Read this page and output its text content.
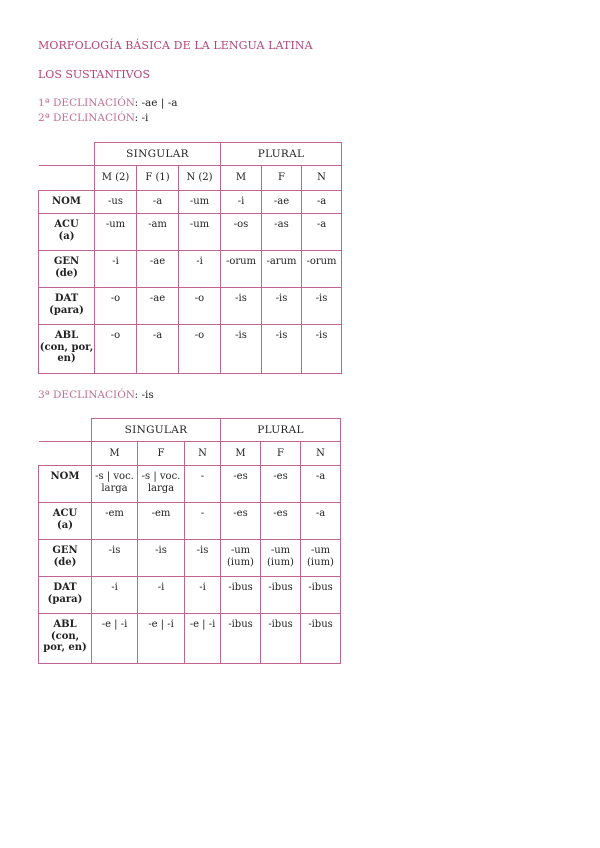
MORFOLOGÍA BÁSICA DE LA LENGUA LATINA
LOS SUSTANTIVOS
1ª DECLINACIÓN: -ae | -a
2ª DECLINACIÓN: -i
	SINGULAR			PLURAL		
	M (2)	F (1)	N (2)	M	F	N
NOM	-us	-a	-um	-i	-ae	-a
ACU
(a)	-um	-am	-um	-os	-as	-a
GEN
(de)	-i	-ae	-i	-orum	-arum	-orum
DAT
(para)	-o	-ae	-o	-is	-is	-is
ABL
(con, por, en)	-o	-a	-o	-is	-is	-is
3ª DECLINACIÓN: -is
	SINGULAR			PLURAL		
	M	F	N	M	F	N
NOM	-s | voc. larga	-s | voc. larga	-	-es	-es	-a
ACU
(a)	-em	-em	-	-es	-es	-a
GEN
(de)	-is	-is	-is	-um (ium)	-um (ium)	-um (ium)
DAT
(para)	-i	-i	-i	-ibus	-ibus	-ibus
ABL
(con, por, en)	-e | -i	-e | -i	-e | -i	-ibus	-ibus	-ibus
